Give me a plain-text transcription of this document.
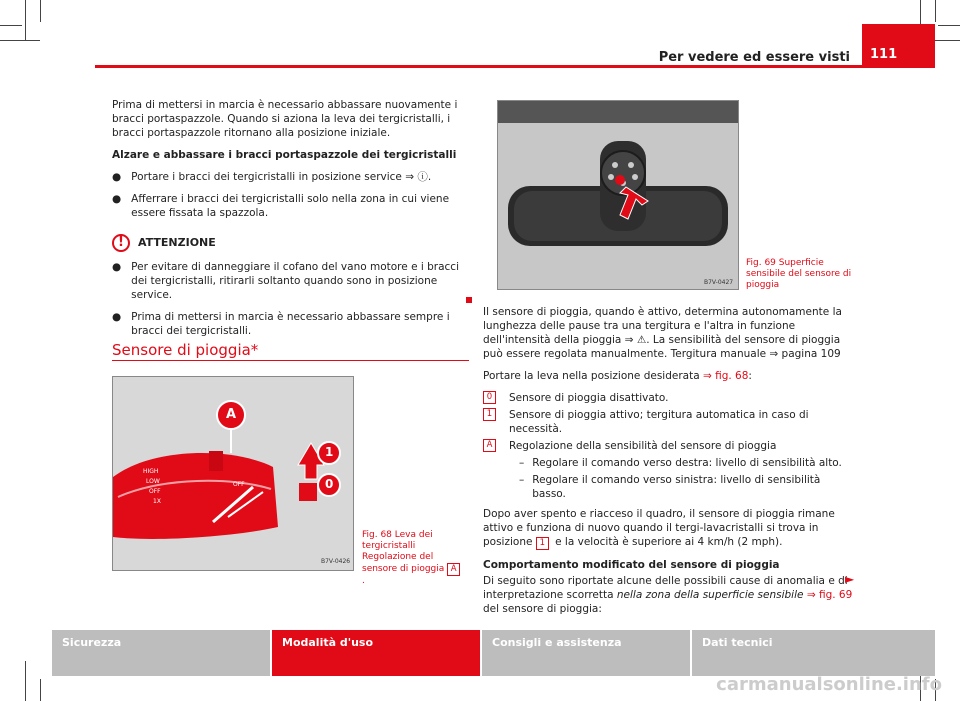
Per vedere ed essere visti	111

Prima di mettersi in marcia è necessario abbassare nuovamente i bracci portaspazzole. Quando si aziona la leva dei tergicristalli, i bracci portaspazzole ritornano alla posizione iniziale.

Alzare e abbassare i bracci portaspazzole dei tergicristalli

● Portare i bracci dei tergicristalli in posizione service ⇒ ⓘ.
● Afferrare i bracci dei tergicristalli solo nella zona in cui viene essere fissata la spazzola.
!	ATTENZIONE
● Per evitare di danneggiare il cofano del vano motore e i bracci dei tergicristalli, ritirarli soltanto quando sono in posizione service.
● Prima di mettersi in marcia è necessario abbassare sempre i bracci dei tergicristalli.
Sensore di pioggia*
HIGH
LOW
OFF
1X
OFF
A
1
0
B7V-0426
Fig. 68 Leva dei tergicristalli Regolazione del sensore di pioggia A.
B7V-0427
Fig. 69 Superficie sensibile del sensore di pioggia

Il sensore di pioggia, quando è attivo, determina autonomamente la lunghezza delle pause tra una tergitura e l'altra in funzione dell'intensità della pioggia ⇒ ⚠. La sensibilità del sensore di pioggia può essere regolata manualmente. Tergitura manuale ⇒ pagina 109

Portare la leva nella posizione desiderata ⇒ fig. 68:

0	Sensore di pioggia disattivato.
1	Sensore di pioggia attivo; tergitura automatica in caso di necessità.
A	Regolazione della sensibilità del sensore di pioggia
– Regolare il comando verso destra: livello di sensibilità alto.
– Regolare il comando verso sinistra: livello di sensibilità basso.

Dopo aver spento e riacceso il quadro, il sensore di pioggia rimane attivo e funziona di nuovo quando il tergi-lavacristalli si trova in posizione 1 e la velocità è superiore ai 4 km/h (2 mph).

Comportamento modificato del sensore di pioggia

Di seguito sono riportate alcune delle possibili cause di anomalia e di interpretazione scorretta nella zona della superficie sensibile ⇒ fig. 69 del sensore di pioggia:

►
Sicurezza	Modalità d'uso	Consigli e assistenza	Dati tecnici
carmanualsonline.info
